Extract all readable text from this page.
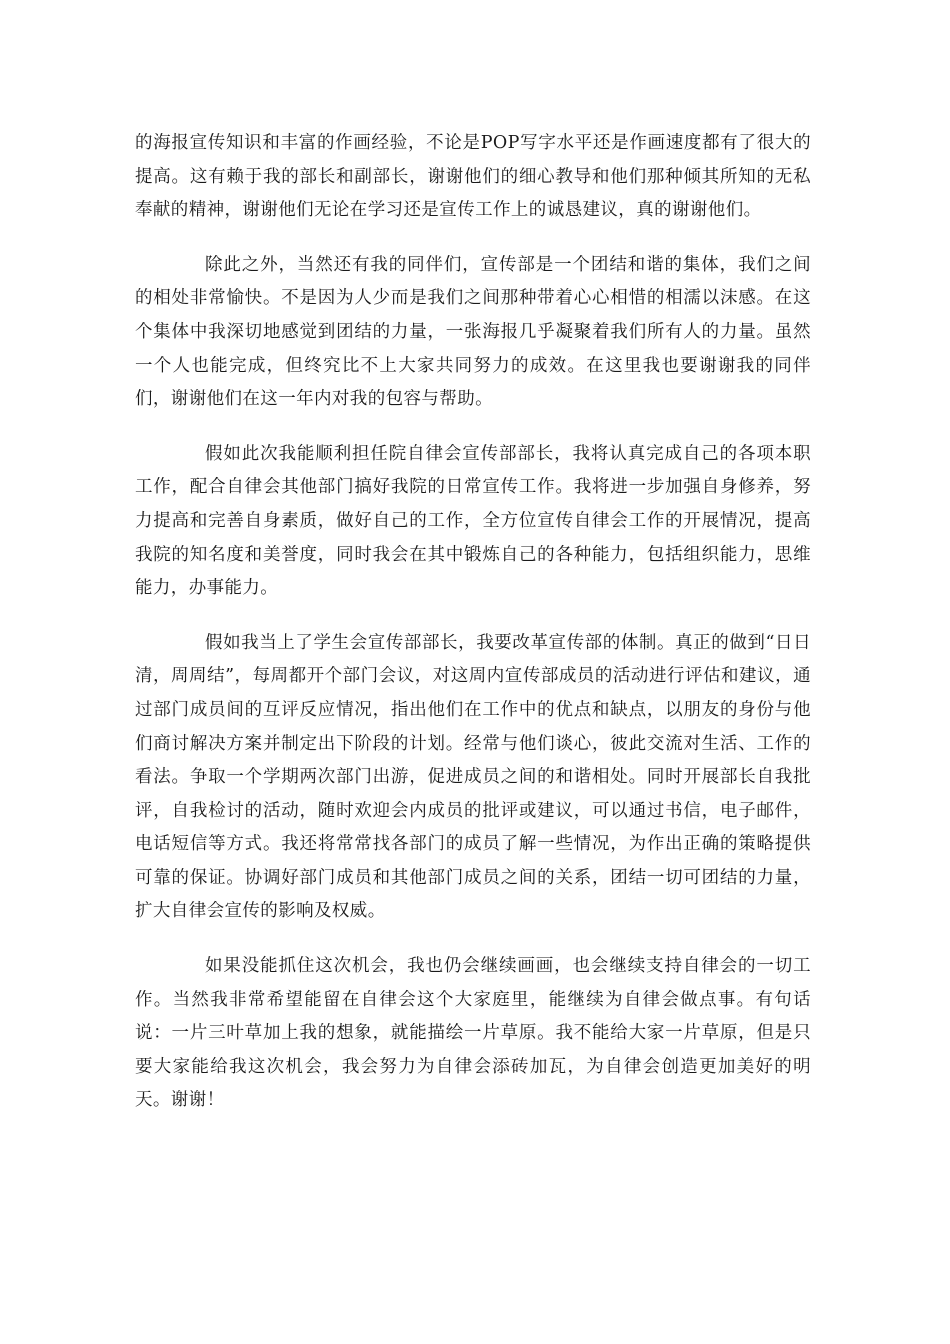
的海报宣传知识和丰富的作画经验，不论是POP写字水平还是作画速度都有了很大的提高。这有赖于我的部长和副部长，谢谢他们的细心教导和他们那种倾其所知的无私奉献的精神，谢谢他们无论在学习还是宣传工作上的诚恳建议，真的谢谢他们。

除此之外，当然还有我的同伴们，宣传部是一个团结和谐的集体，我们之间的相处非常愉快。不是因为人少而是我们之间那种带着心心相惜的相濡以沫感。在这个集体中我深切地感觉到团结的力量，一张海报几乎凝聚着我们所有人的力量。虽然一个人也能完成，但终究比不上大家共同努力的成效。在这里我也要谢谢我的同伴们，谢谢他们在这一年内对我的包容与帮助。

假如此次我能顺利担任院自律会宣传部部长，我将认真完成自己的各项本职工作，配合自律会其他部门搞好我院的日常宣传工作。我将进一步加强自身修养，努力提高和完善自身素质，做好自己的工作，全方位宣传自律会工作的开展情况，提高我院的知名度和美誉度，同时我会在其中锻炼自己的各种能力，包括组织能力，思维能力，办事能力。

假如我当上了学生会宣传部部长，我要改革宣传部的体制。真正的做到“日日清，周周结”，每周都开个部门会议，对这周内宣传部成员的活动进行评估和建议，通过部门成员间的互评反应情况，指出他们在工作中的优点和缺点，以朋友的身份与他们商讨解决方案并制定出下阶段的计划。经常与他们谈心，彼此交流对生活、工作的看法。争取一个学期两次部门出游，促进成员之间的和谐相处。同时开展部长自我批评，自我检讨的活动，随时欢迎会内成员的批评或建议，可以通过书信，电子邮件，电话短信等方式。我还将常常找各部门的成员了解一些情况，为作出正确的策略提供可靠的保证。协调好部门成员和其他部门成员之间的关系，团结一切可团结的力量，扩大自律会宣传的影响及权威。

如果没能抓住这次机会，我也仍会继续画画，也会继续支持自律会的一切工作。当然我非常希望能留在自律会这个大家庭里，能继续为自律会做点事。有句话说：一片三叶草加上我的想象，就能描绘一片草原。我不能给大家一片草原，但是只要大家能给我这次机会，我会努力为自律会添砖加瓦，为自律会创造更加美好的明天。谢谢！
